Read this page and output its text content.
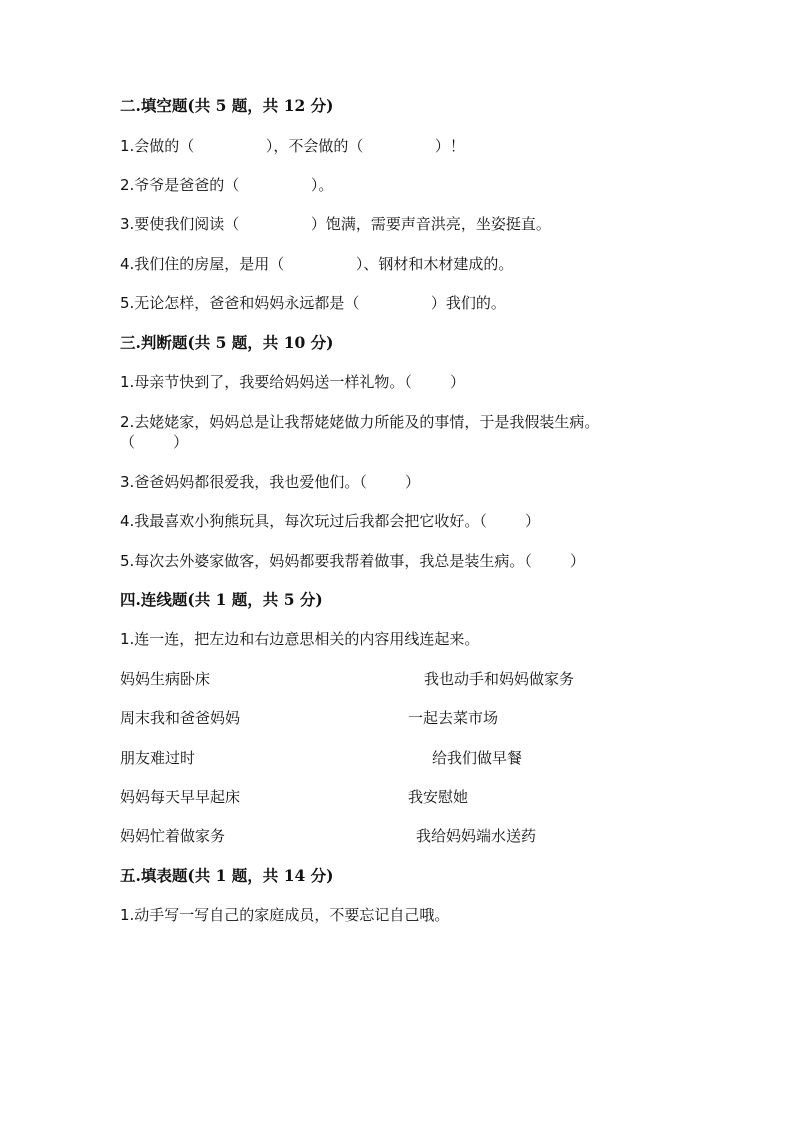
二.填空题(共 5 题，共 12 分)
1.会做的（               ），不会做的（               ）！
2.爷爷是爸爸的（               ）。
3.要使我们阅读（               ）饱满，需要声音洪亮，坐姿挺直。
4.我们住的房屋，是用（               ）、钢材和木材建成的。
5.无论怎样，爸爸和妈妈永远都是（               ）我们的。
三.判断题(共 5 题，共 10 分)
1.母亲节快到了，我要给妈妈送一样礼物。（        ）
2.去姥姥家，妈妈总是让我帮姥姥做力所能及的事情，于是我假装生病。
（        ）
3.爸爸妈妈都很爱我，我也爱他们。（        ）
4.我最喜欢小狗熊玩具，每次玩过后我都会把它收好。（        ）
5.每次去外婆家做客，妈妈都要我帮着做事，我总是装生病。（        ）
四.连线题(共 1 题，共 5 分)
1.连一连，把左边和右边意思相关的内容用线连起来。
妈妈生病卧床	我也动手和妈妈做家务
周末我和爸爸妈妈	一起去菜市场
朋友难过时	给我们做早餐
妈妈每天早早起床	我安慰她
妈妈忙着做家务	我给妈妈端水送药
五.填表题(共 1 题，共 14 分)
1.动手写一写自己的家庭成员，不要忘记自己哦。
